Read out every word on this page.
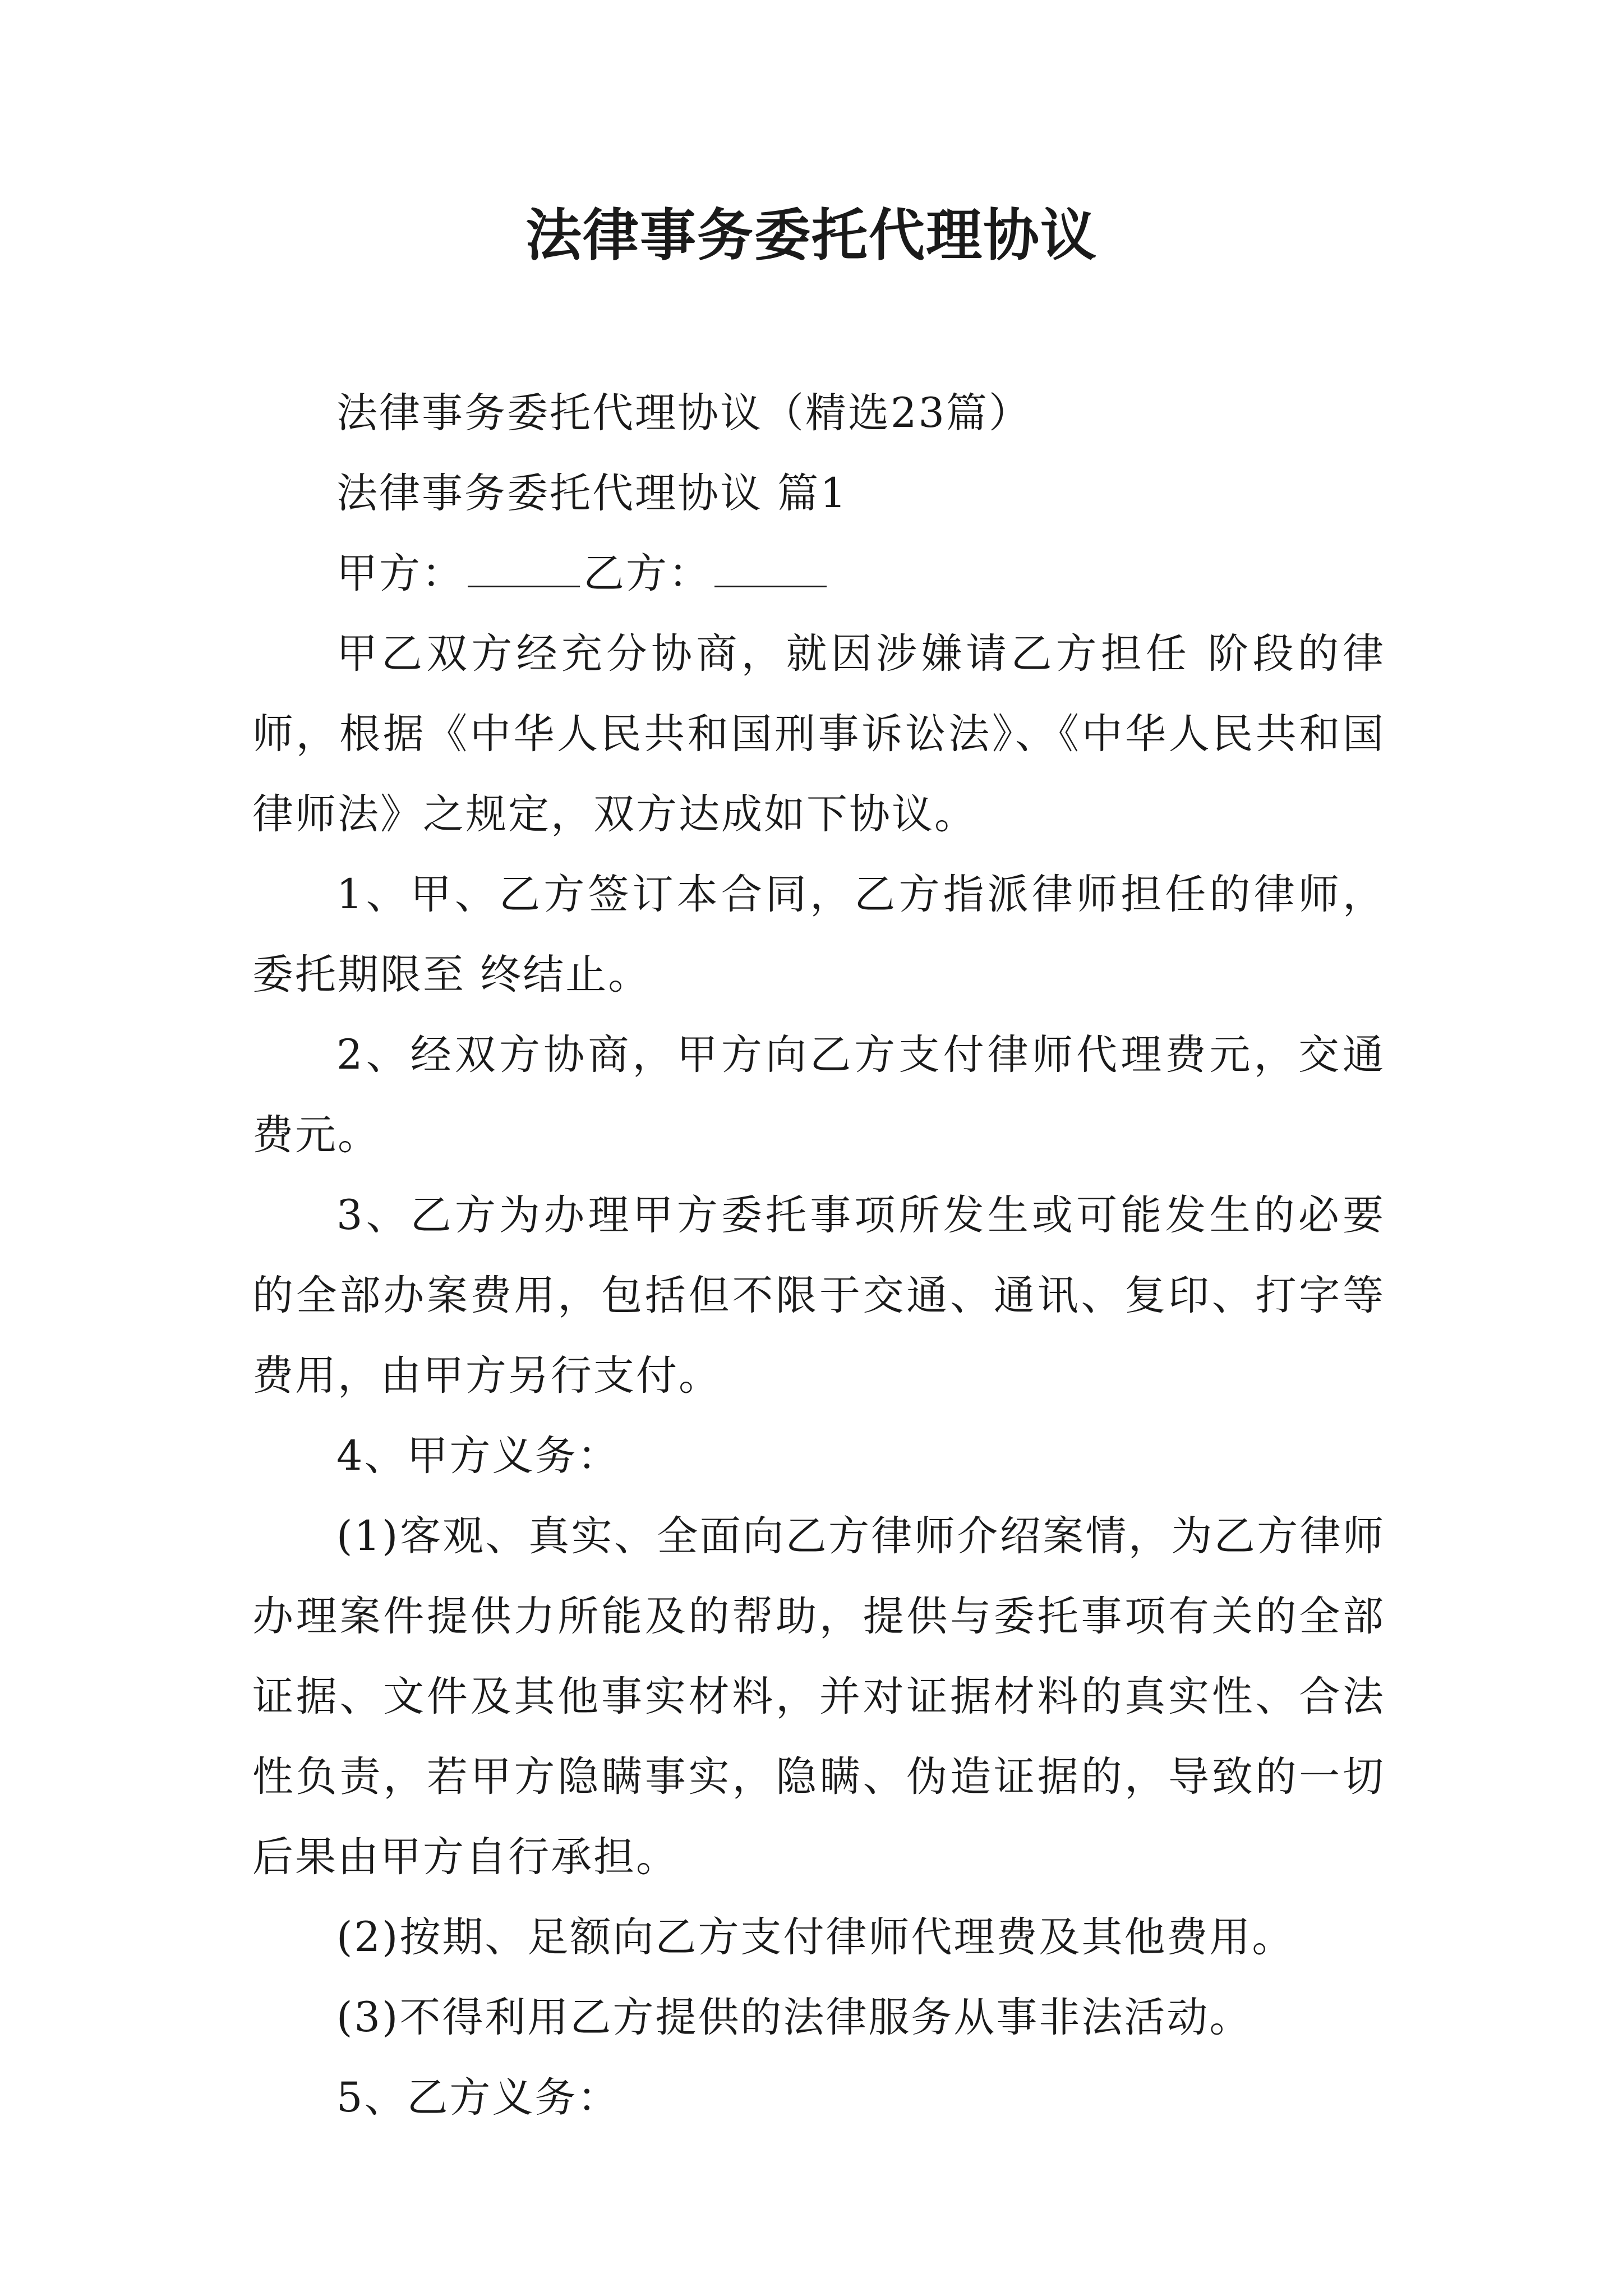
法律事务委托代理协议

法律事务委托代理协议（精选23篇）

法律事务委托代理协议 篇1

甲方：	乙方：

甲乙双方经充分协商，就因涉嫌请乙方担任 阶段的律师，根据《中华人民共和国刑事诉讼法》、《中华人民共和国律师法》之规定，双方达成如下协议。

1、甲、乙方签订本合同，乙方指派律师担任的律师，委托期限至 终结止。

2、经双方协商，甲方向乙方支付律师代理费元，交通费元。

3、乙方为办理甲方委托事项所发生或可能发生的必要的全部办案费用，包括但不限于交通、通讯、复印、打字等费用，由甲方另行支付。

4、甲方义务：

(1)客观、真实、全面向乙方律师介绍案情，为乙方律师办理案件提供力所能及的帮助，提供与委托事项有关的全部证据、文件及其他事实材料，并对证据材料的真实性、合法性负责，若甲方隐瞒事实，隐瞒、伪造证据的，导致的一切后果由甲方自行承担。

(2)按期、足额向乙方支付律师代理费及其他费用。

(3)不得利用乙方提供的法律服务从事非法活动。

5、乙方义务：
